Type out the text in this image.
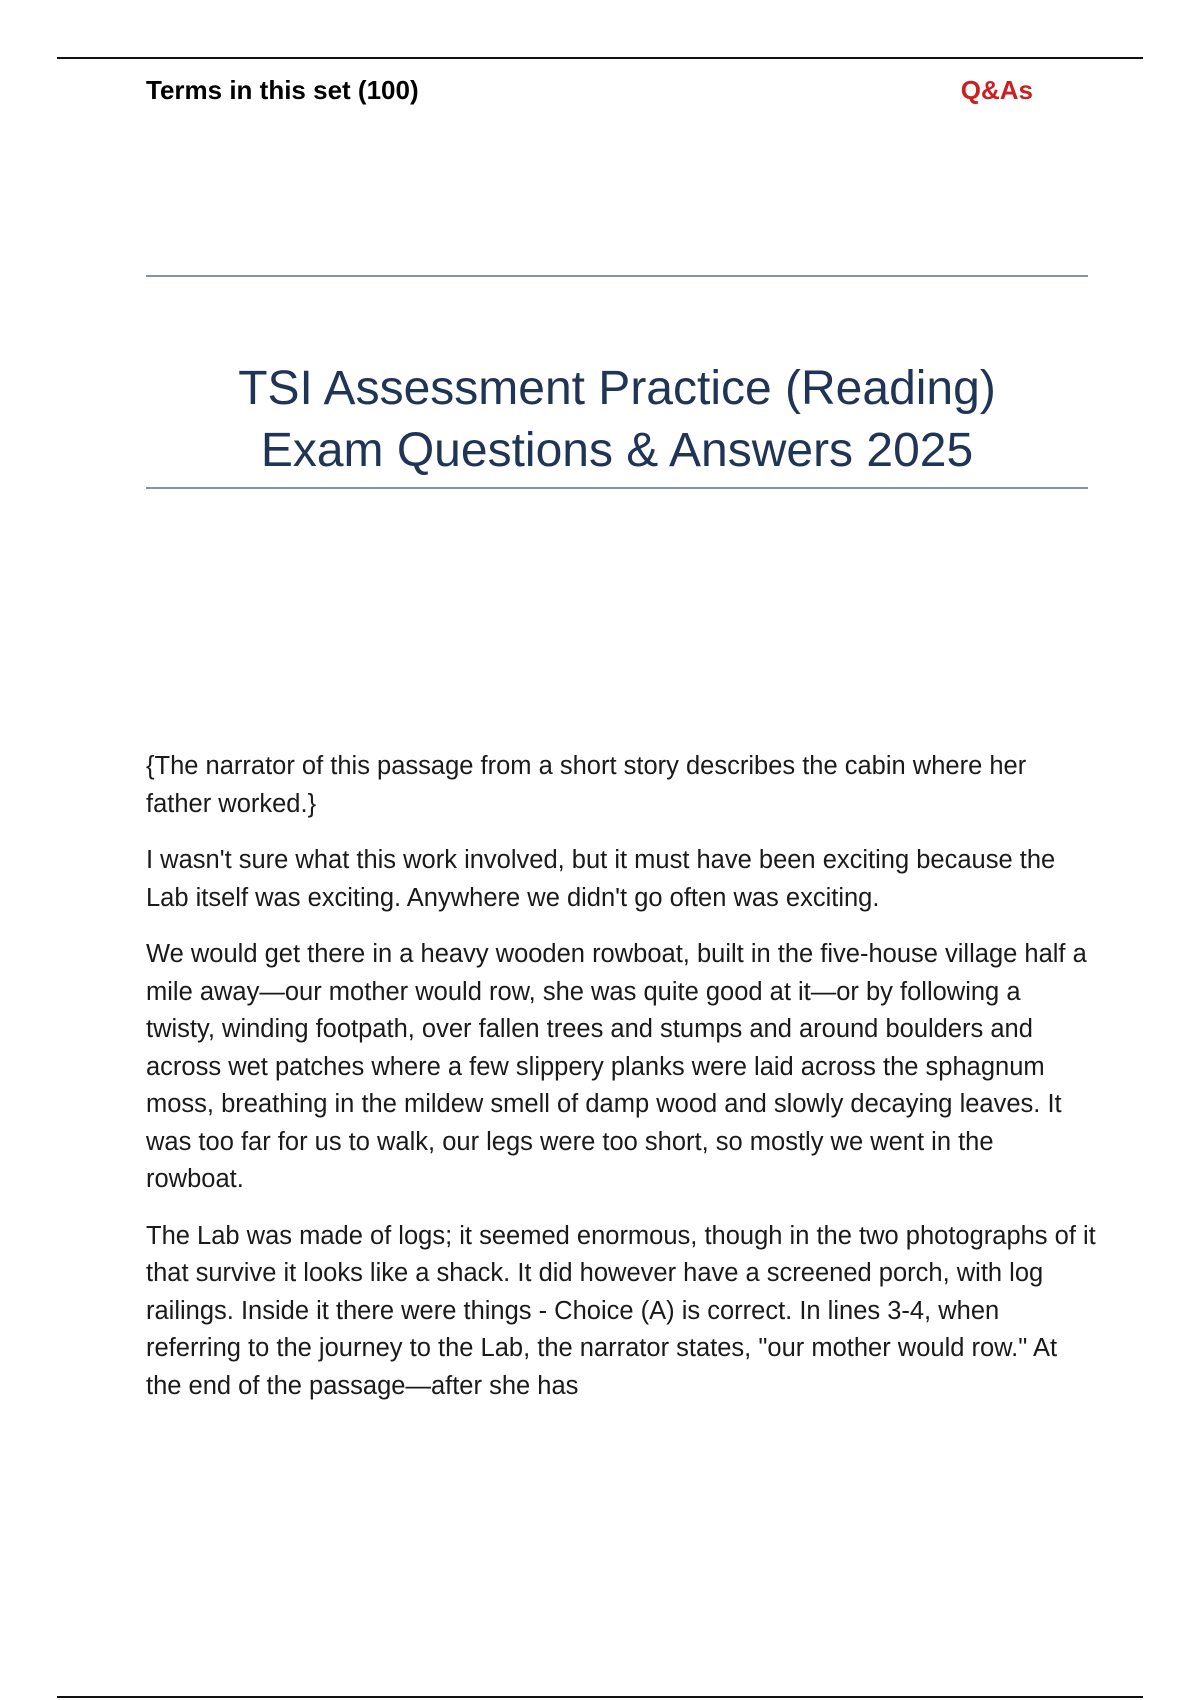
Terms in this set (100)	Q&As
TSI Assessment Practice (Reading)
Exam Questions & Answers 2025

{The narrator of this passage from a short story describes the cabin where her father worked.}

I wasn't sure what this work involved, but it must have been exciting because the Lab itself was exciting. Anywhere we didn't go often was exciting.

We would get there in a heavy wooden rowboat, built in the five-house village half a mile away—our mother would row, she was quite good at it—or by following a twisty, winding footpath, over fallen trees and stumps and around boulders and across wet patches where a few slippery planks were laid across the sphagnum moss, breathing in the mildew smell of damp wood and slowly decaying leaves. It was too far for us to walk, our legs were too short, so mostly we went in the rowboat.

The Lab was made of logs; it seemed enormous, though in the two photographs of it that survive it looks like a shack. It did however have a screened porch, with log railings. Inside it there were things - Choice (A) is correct. In lines 3-4, when referring to the journey to the Lab, the narrator states, "our mother would row." At the end of the passage—after she has
